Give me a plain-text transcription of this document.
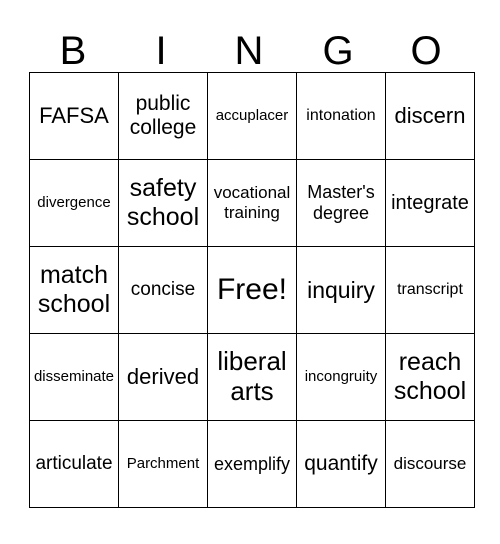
B	I	N	G	O
FAFSA	public college	accuplacer	intonation	discern

divergence	safety school	vocational training	Master's degree	integrate

match school	concise	Free!	inquiry	transcript

disseminate	derived	liberal arts	incongruity	reach school

articulate	Parchment	exemplify	quantify	discourse
